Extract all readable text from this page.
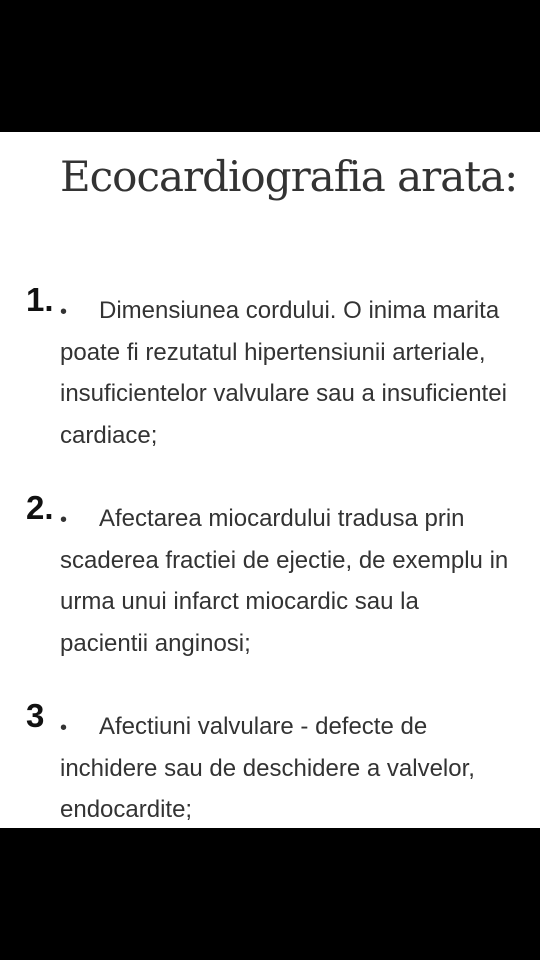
Ecocardiografia arata:
1. •	Dimensiunea cordului. O inima marita poate fi rezutatul hipertensiunii arteriale, insuficientelor valvulare sau a insuficientei cardiace;

2. •	Afectarea miocardului tradusa prin scaderea fractiei de ejectie, de exemplu in urma unui infarct miocardic sau la pacientii anginosi;

3 •	Afectiuni valvulare - defecte de inchidere sau de deschidere a valvelor, endocardite;
